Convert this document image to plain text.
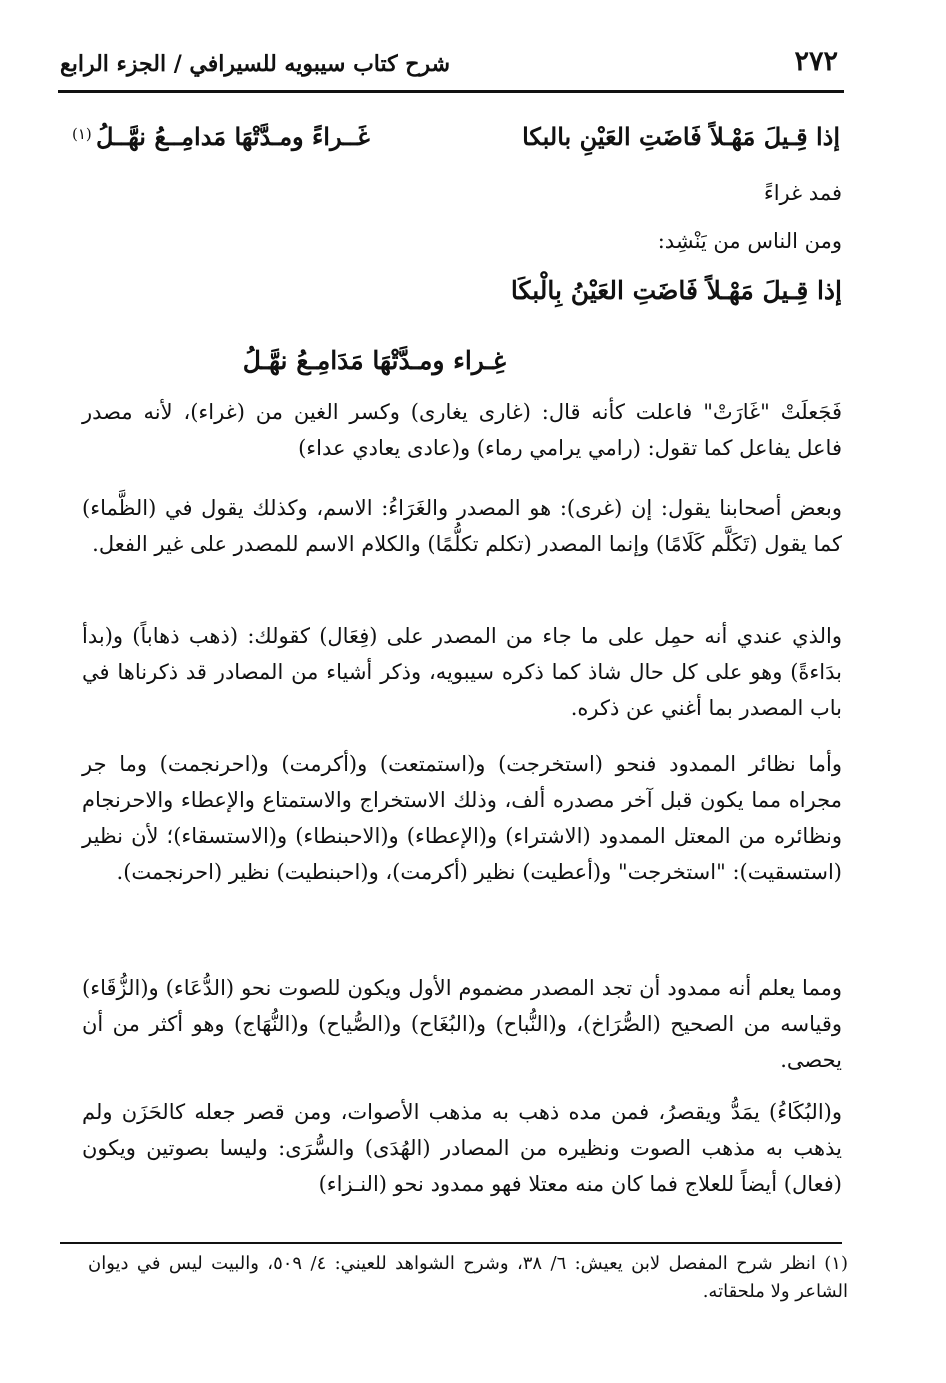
٢٧٢
شرح كتاب سيبويه للسيرافي / الجزء الرابع
إذا قِـيلَ مَهْـلاً فَاضَتِ العَيْنِ بالبكا
غَــراءً ومـدَّتْهَا مَدامِــعُ نهَّــلُ
(١)
فمد غراءً
ومن الناس من يَنْشِد:
إذا قِـيلَ مَهْـلاً فَاضَتِ العَيْنُ بِالْبكَا
غِـراء ومـدَّتْهَا مَدَامِـعُ نهَّـلُ
فَجَعلَتْ "غَارَتْ" فاعلت كأنه قال: (غارى يغارى) وكسر الغين من (غراء)، لأنه مصدر فاعل يفاعل كما تقول: (رامي يرامي رماء) و(عادى يعادي عداء)
وبعض أصحابنا يقول: إن (غرى): هو المصدر والغَرَاءُ: الاسم، وكذلك يقول في (الظَّماء) كما يقول (تَكَلَّم كَلَامًا) وإنما المصدر (تكلم تكلُّمًا) والكلام الاسم للمصدر على غير الفعل.
والذي عندي أنه حمِل على ما جاء من المصدر على (فِعَال) كقولك: (ذهب ذهاباً) و(بدأ بدَاءةً) وهو على كل حال شاذ كما ذكره سيبويه، وذكر أشياء من المصادر قد ذكرناها في باب المصدر بما أغني عن ذكره.
وأما نظائر الممدود فنحو (استخرجت) و(استمتعت) و(أكرمت) و(احرنجمت) وما جر مجراه مما يكون قبل آخر مصدره ألف، وذلك الاستخراج والاستمتاع والإعطاء والاحرنجام ونظائره من المعتل الممدود (الاشتراء) و(الإعطاء) و(الاحبنطاء) و(الاستسقاء)؛ لأن نظير (استسقيت): "استخرجت" و(أعطيت) نظير (أكرمت)، و(احبنطيت) نظير (احرنجمت).
ومما يعلم أنه ممدود أن تجد المصدر مضموم الأول ويكون للصوت نحو (الدُّعَاء) و(الزُّقَاء) وقياسه من الصحيح (الصُّرَاخ)، و(النُّباح) و(البُغَاح) و(الصُّياح) و(النُّهَاج) وهو أكثر من أن يحصى.
و(البُكَاءُ) يمَدُّ ويقصرُ، فمن مده ذهب به مذهب الأصوات، ومن قصر جعله كالحَزَن ولم يذهب به مذهب الصوت ونظيره من المصادر (الهُدَى) والسُّرَى: وليسا بصوتين ويكون (فعال) أيضاً للعلاج فما كان منه معتلا فهو ممدود نحو (النـزاء)
(١) انظر شرح المفصل لابن يعيش: ٦/ ٣٨، وشرح الشواهد للعيني: ٤/ ٥٠٩، والبيت ليس في ديوان الشاعر ولا ملحقاته.
